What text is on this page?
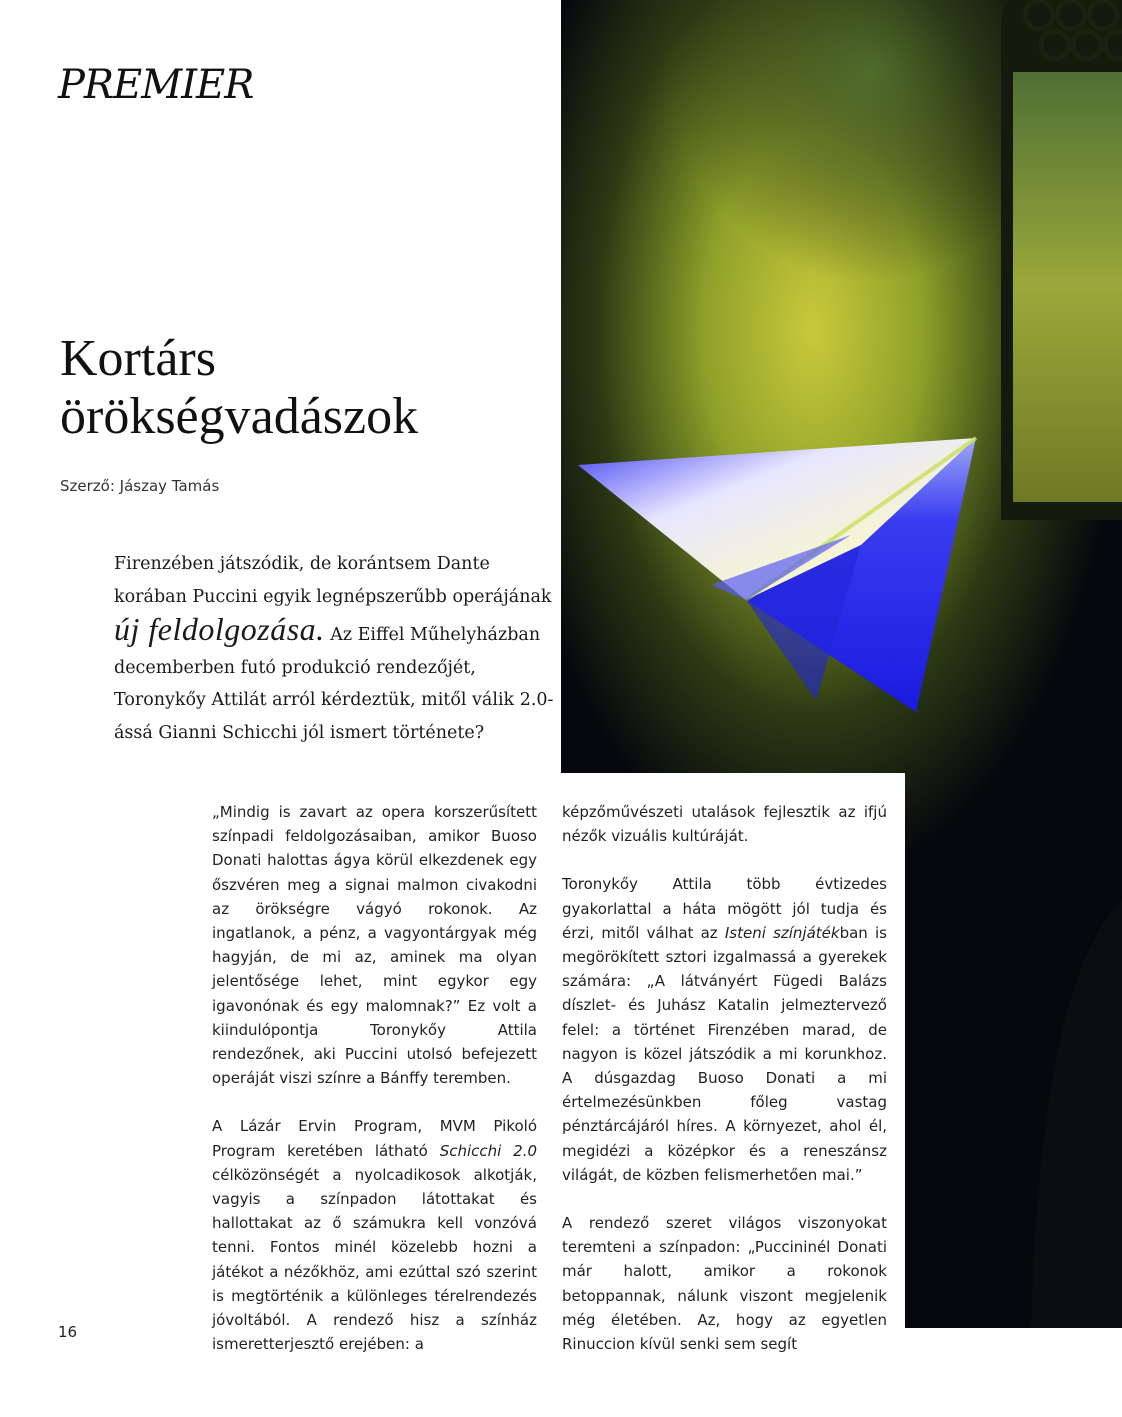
PREMIER
Kortárs
örökségvadászok
Szerző: Jászay Tamás

Firenzében játszódik, de korántsem Dante korában Puccini egyik legnépszerűbb operájának új feldolgozása. Az Eiffel Műhelyházban decemberben futó produkció rendezőjét, Toronykőy Attilát arról kérdeztük, mitől válik 2.0-ássá Gianni Schicchi jól ismert története?

„Mindig is zavart az opera korszerűsített színpadi feldolgozásaiban, amikor Buoso Donati halottas ágya körül elkezdenek egy őszvéren meg a signai malmon civakodni az örökségre vágyó rokonok. Az ingatlanok, a pénz, a vagyontárgyak még hagyján, de mi az, aminek ma olyan jelentősége lehet, mint egykor egy igavonónak és egy malomnak?” Ez volt a kiindulópontja Toronykőy Attila rendezőnek, aki Puccini utolsó befejezett operáját viszi színre a Bánffy teremben.

A Lázár Ervin Program, MVM Pikoló Program keretében látható Schicchi 2.0 célközönségét a nyolcadikosok alkotják, vagyis a színpadon látottakat és hallottakat az ő számukra kell vonzóvá tenni. Fontos minél közelebb hozni a játékot a nézőkhöz, ami ezúttal szó szerint is megtörténik a különleges térelrendezés jóvoltából. A rendező hisz a színház ismeretterjesztő erejében: a

képzőművészeti utalások fejlesztik az ifjú nézők vizuális kultúráját.

Toronykőy Attila több évtizedes gyakorlattal a háta mögött jól tudja és érzi, mitől válhat az Isteni színjátékban is megörökített sztori izgalmassá a gyerekek számára: „A látványért Fügedi Balázs díszlet- és Juhász Katalin jelmeztervező felel: a történet Firenzében marad, de nagyon is közel játszódik a mi korunkhoz. A dúsgazdag Buoso Donati a mi értelmezésünkben főleg vastag pénztárcájáról híres. A környezet, ahol él, megidézi a középkor és a reneszánsz világát, de közben felismerhetően mai.”

A rendező szeret világos viszonyokat teremteni a színpadon: „Puccininél Donati már halott, amikor a rokonok betoppannak, nálunk viszont megjelenik még életében. Az, hogy az egyetlen Rinuccion kívül senki sem segít

16
